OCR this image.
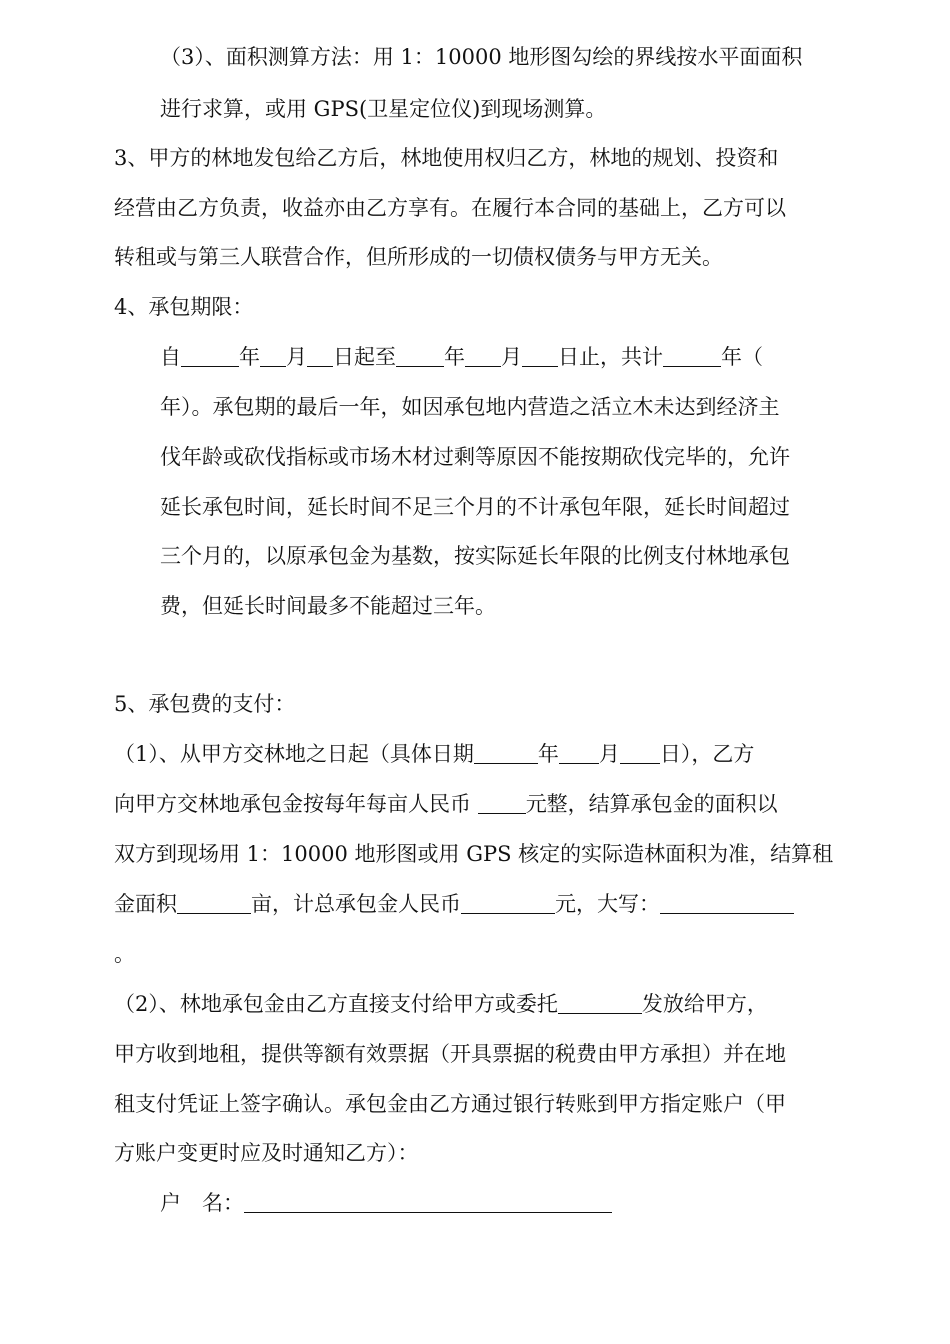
（3）、面积测算方法：用 1：10000 地形图勾绘的界线按水平面面积
进行求算，或用 GPS(卫星定位仪)到现场测算。
3、甲方的林地发包给乙方后，林地使用权归乙方，林地的规划、投资和
经营由乙方负责，收益亦由乙方享有。在履行本合同的基础上，乙方可以
转租或与第三人联营合作，但所形成的一切债权债务与甲方无关。
4、承包期限：
自	年 月 日起至 年 月 日止，共计	年（
年）。承包期的最后一年，如因承包地内营造之活立木未达到经济主
伐年龄或砍伐指标或市场木材过剩等原因不能按期砍伐完毕的，允许
延长承包时间，延长时间不足三个月的不计承包年限，延长时间超过
三个月的，以原承包金为基数，按实际延长年限的比例支付林地承包
费，但延长时间最多不能超过三年。
5、承包费的支付：
（1）、从甲方交林地之日起（具体日期	年 月 日），乙方
向甲方交林地承包金按每年每亩人民币 元整，结算承包金的面积以
双方到现场用 1：10000 地形图或用 GPS 核定的实际造林面积为准，结算租
金面积	亩，计总承包金人民币	元，大写：
。
（2）、林地承包金由乙方直接支付给甲方或委托	发放给甲方，
甲方收到地租，提供等额有效票据（开具票据的税费由甲方承担）并在地
租支付凭证上签字确认。承包金由乙方通过银行转账到甲方指定账户（甲
方账户变更时应及时通知乙方）：
户　名：
